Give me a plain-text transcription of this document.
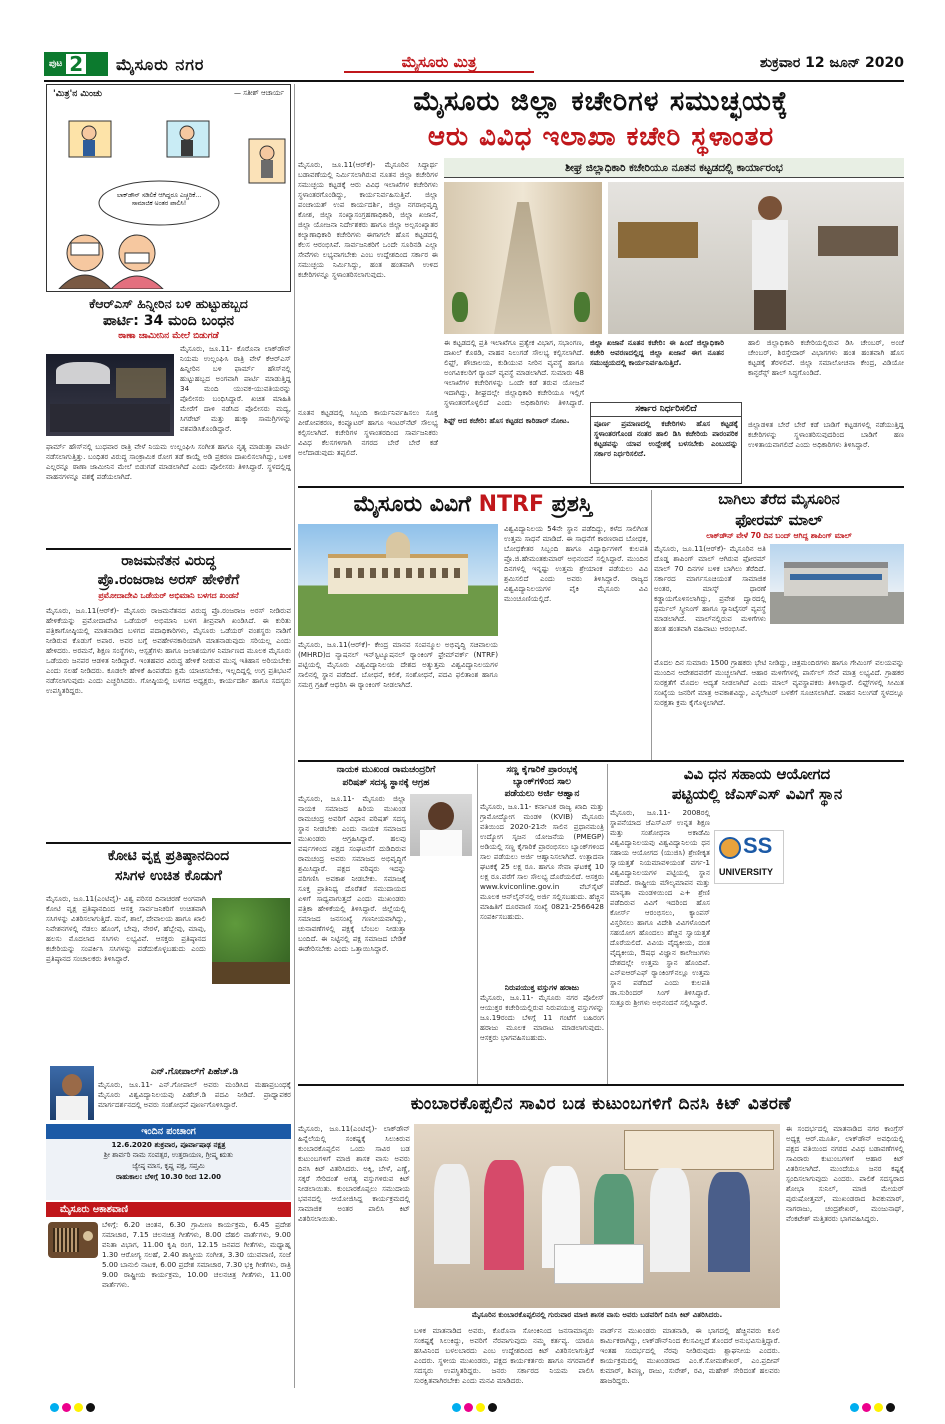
ಪುಟ 2 ಮೈಸೂರು ನಗರ	ಮೈಸೂರು ಮಿತ್ರ	ಶುಕ್ರವಾರ 12 ಜೂನ್ 2020
'ಮಿತ್ರ'ನ ಮಿಂಚು	— ಸತೀಶ್ ಆಚಾರ್ಯ
ಲಾಕ್‌ಡೌನ್ ಸಡಿಲಿಕೆ ಆಗಿದ್ದರೂ ಎಚ್ಚರಿಕೆ... ಸಾಮಾಜಿಕ ಅಂತರ ಪಾಲಿಸಿ!
ಕೆಆರ್‌ಎಸ್ ಹಿನ್ನೀರಿನ ಬಳಿ ಹುಟ್ಟುಹಬ್ಬದ
ಪಾರ್ಟಿ: 34 ಮಂದಿ ಬಂಧನ
ಠಾಣಾ ಜಾಮೀನಿನ ಮೇಲೆ ಬಿಡುಗಡೆ
ಮೈಸೂರು, ಜೂ.11- ಕೊರೊನಾ ಲಾಕ್‌ಡೌನ್ ನಿಯಮ ಉಲ್ಲಂಘಿಸಿ ರಾತ್ರಿ ವೇಳೆ ಕೆಆರ್‌ಎಸ್ ಹಿನ್ನೀರಿನ ಬಳಿ ಫಾರ್ಮ್ ಹೌಸ್‌ನಲ್ಲಿ ಹುಟ್ಟುಹಬ್ಬದ ಅಂಗವಾಗಿ ಪಾರ್ಟಿ ಮಾಡುತ್ತಿದ್ದ 34 ಮಂದಿ ಯುವಕ-ಯುವತಿಯರನ್ನು ಪೊಲೀಸರು ಬಂಧಿಸಿದ್ದಾರೆ. ಖಚಿತ ಮಾಹಿತಿ ಮೇರೆಗೆ ದಾಳಿ ನಡೆಸಿದ ಪೊಲೀಸರು ಮದ್ಯ, ಸಿಗರೇಟ್ ಮತ್ತು ಹುಕ್ಕಾ ಸಾಮಗ್ರಿಗಳನ್ನು ವಶಪಡಿಸಿಕೊಂಡಿದ್ದಾರೆ.
ಫಾರ್ಮ್ ಹೌಸ್‌ನಲ್ಲಿ ಬುಧವಾರ ರಾತ್ರಿ ವೇಳೆ ನಿಯಮ ಉಲ್ಲಂಘಿಸಿ ಸಂಗೀತ ಹಾಗೂ ನೃತ್ಯ ಮಾಡುತ್ತಾ ಪಾರ್ಟಿ ನಡೆಸಲಾಗುತ್ತಿತ್ತು. ಬಂಧಿತರ ವಿರುದ್ಧ ಸಾಂಕ್ರಾಮಿಕ ರೋಗ ತಡೆ ಕಾಯ್ದೆ ಅಡಿ ಪ್ರಕರಣ ದಾಖಲಿಸಲಾಗಿದ್ದು, ಬಳಿಕ ಎಲ್ಲರನ್ನೂ ಠಾಣಾ ಜಾಮೀನಿನ ಮೇಲೆ ಬಿಡುಗಡೆ ಮಾಡಲಾಗಿದೆ ಎಂದು ಪೊಲೀಸರು ತಿಳಿಸಿದ್ದಾರೆ. ಸ್ಥಳದಲ್ಲಿದ್ದ ವಾಹನಗಳನ್ನೂ ವಶಕ್ಕೆ ಪಡೆಯಲಾಗಿದೆ.
ರಾಜಮನೆತನ ವಿರುದ್ಧ
ಪ್ರೊ.ರಂಜರಾಜ ಅರಸ್ ಹೇಳಿಕೆಗೆ
ಪ್ರಮೋದಾದೇವಿ ಒಡೆಯರ್ ಅಭಿಮಾನಿ ಬಳಗದ ಖಂಡನೆ
ಮೈಸೂರು, ಜೂ.11(ಆರ್‌ಕೆ)- ಮೈಸೂರು ರಾಜಮನೆತನದ ವಿರುದ್ಧ ಪ್ರೊ.ರಂಜರಾಜ ಅರಸ್ ನೀಡಿರುವ ಹೇಳಿಕೆಯನ್ನು ಪ್ರಮೋದಾದೇವಿ ಒಡೆಯರ್ ಅಭಿಮಾನಿ ಬಳಗ ತೀವ್ರವಾಗಿ ಖಂಡಿಸಿದೆ. ಈ ಕುರಿತು ಪತ್ರಿಕಾಗೋಷ್ಠಿಯಲ್ಲಿ ಮಾತನಾಡಿದ ಬಳಗದ ಪದಾಧಿಕಾರಿಗಳು, ಮೈಸೂರು ಒಡೆಯರ್ ವಂಶಸ್ಥರು ನಾಡಿಗೆ ನೀಡಿರುವ ಕೊಡುಗೆ ಅಪಾರ. ಅವರ ಬಗ್ಗೆ ಅವಹೇಳನಕಾರಿಯಾಗಿ ಮಾತನಾಡುವುದು ಸರಿಯಲ್ಲ ಎಂದು ಹೇಳಿದರು. ಅರಮನೆ, ಶಿಕ್ಷಣ ಸಂಸ್ಥೆಗಳು, ಆಸ್ಪತ್ರೆಗಳು ಹಾಗೂ ಜಲಾಶಯಗಳ ನಿರ್ಮಾಣದ ಮೂಲಕ ಮೈಸೂರು ಒಡೆಯರು ಜನಪರ ಆಡಳಿತ ನೀಡಿದ್ದಾರೆ. ಇಂತಹವರ ವಿರುದ್ಧ ಹೇಳಿಕೆ ನೀಡುವ ಮುನ್ನ ಇತಿಹಾಸ ಅರಿಯಬೇಕು ಎಂದು ಸಲಹೆ ನೀಡಿದರು. ಕೂಡಲೇ ಹೇಳಿಕೆ ಹಿಂಪಡೆದು ಕ್ಷಮೆ ಯಾಚಿಸಬೇಕು, ಇಲ್ಲದಿದ್ದಲ್ಲಿ ಉಗ್ರ ಪ್ರತಿಭಟನೆ ನಡೆಸಲಾಗುವುದು ಎಂದು ಎಚ್ಚರಿಸಿದರು. ಗೋಷ್ಠಿಯಲ್ಲಿ ಬಳಗದ ಅಧ್ಯಕ್ಷರು, ಕಾರ್ಯದರ್ಶಿ ಹಾಗೂ ಸದಸ್ಯರು ಉಪಸ್ಥಿತರಿದ್ದರು.
ಕೋಟಿ ವೃಕ್ಷ ಪ್ರತಿಷ್ಠಾನದಿಂದ
ಸಸಿಗಳ ಉಚಿತ ಕೊಡುಗೆ
ಮೈಸೂರು, ಜೂ.11(ಎಂಟಿವೈ)- ವಿಶ್ವ ಪರಿಸರ ದಿನಾಚರಣೆ ಅಂಗವಾಗಿ ಕೋಟಿ ವೃಕ್ಷ ಪ್ರತಿಷ್ಠಾನದಿಂದ ಆಸಕ್ತ ಸಾರ್ವಜನಿಕರಿಗೆ ಉಚಿತವಾಗಿ ಸಸಿಗಳನ್ನು ವಿತರಿಸಲಾಗುತ್ತಿದೆ. ಮನೆ, ಶಾಲೆ, ದೇವಾಲಯ ಹಾಗೂ ಖಾಲಿ ನಿವೇಶನಗಳಲ್ಲಿ ನೆಡಲು ಹೊಂಗೆ, ಬೇವು, ನೇರಳೆ, ಹೆಬ್ಬೇವು, ಮಾವು, ಹಲಸು ಮೊದಲಾದ ಸಸಿಗಳು ಲಭ್ಯವಿವೆ. ಆಸಕ್ತರು ಪ್ರತಿಷ್ಠಾನದ ಕಚೇರಿಯನ್ನು ಸಂಪರ್ಕಿಸಿ ಸಸಿಗಳನ್ನು ಪಡೆದುಕೊಳ್ಳಬಹುದು ಎಂದು ಪ್ರತಿಷ್ಠಾನದ ಸಂಚಾಲಕರು ತಿಳಿಸಿದ್ದಾರೆ.
ಎನ್.ಗೋಪಾಲ್‌ಗೆ ಪಿಹೆಚ್.ಡಿ
ಮೈಸೂರು, ಜೂ.11- ಎನ್.ಗೋಪಾಲ್ ಅವರು ಮಂಡಿಸಿದ ಮಹಾಪ್ರಬಂಧಕ್ಕೆ ಮೈಸೂರು ವಿಶ್ವವಿದ್ಯಾನಿಲಯವು ಪಿಹೆಚ್.ಡಿ ಪದವಿ ನೀಡಿದೆ. ಪ್ರಾಧ್ಯಾಪಕರ ಮಾರ್ಗದರ್ಶನದಲ್ಲಿ ಅವರು ಸಂಶೋಧನೆ ಪೂರ್ಣಗೊಳಿಸಿದ್ದಾರೆ.
ಇಂದಿನ ಪಂಚಾಂಗ
12.6.2020 ಶುಕ್ರವಾರ, ಪೂರ್ವಾಷಾಢ ನಕ್ಷತ್ರ
ಶ್ರೀ ಶಾರ್ವರಿ ನಾಮ ಸಂವತ್ಸರ, ಉತ್ತರಾಯಣ, ಗ್ರೀಷ್ಮ ಋತು
ಜ್ಯೇಷ್ಠ ಮಾಸ, ಕೃಷ್ಣ ಪಕ್ಷ, ಸಪ್ತಮಿ
ರಾಹುಕಾಲ: ಬೆಳಿಗ್ಗೆ 10.30 ರಿಂದ 12.00
ಮೈಸೂರು ಆಕಾಶವಾಣಿ
ಬೆಳಿಗ್ಗೆ: 6.20 ಚಿಂತನ, 6.30 ಗ್ರಾಮೀಣ ಕಾರ್ಯಕ್ರಮ, 6.45 ಪ್ರದೇಶ ಸಮಾಚಾರ, 7.15 ಚಲನಚಿತ್ರ ಗೀತೆಗಳು, 8.00 ದೆಹಲಿ ವಾರ್ತೆಗಳು, 9.00 ವನಿತಾ ವಿಭಾಗ, 11.00 ಕೃಷಿ ರಂಗ, 12.15 ಜನಪದ ಗೀತೆಗಳು, ಮಧ್ಯಾಹ್ನ 1.30 ಆರೋಗ್ಯ ಸಲಹೆ, 2.40 ಶಾಸ್ತ್ರೀಯ ಸಂಗೀತ, 3.30 ಯುವವಾಣಿ, ಸಂಜೆ 5.00 ಬಾನುಲಿ ನಾಟಕ, 6.00 ಪ್ರದೇಶ ಸಮಾಚಾರ, 7.30 ಭಕ್ತಿ ಗೀತೆಗಳು, ರಾತ್ರಿ 9.00 ರಾಷ್ಟ್ರೀಯ ಕಾರ್ಯಕ್ರಮ, 10.00 ಚಲನಚಿತ್ರ ಗೀತೆಗಳು, 11.00 ವಾರ್ತೆಗಳು.
ಮೈಸೂರು ಜಿಲ್ಲಾ ಕಚೇರಿಗಳ ಸಮುಚ್ಛಯಕ್ಕೆ
ಆರು ವಿವಿಧ ಇಲಾಖಾ ಕಚೇರಿ ಸ್ಥಳಾಂತರ
ಮೈಸೂರು, ಜೂ.11(ಆರ್‌ಕೆ)- ಮೈಸೂರಿನ ಸಿದ್ಧಾರ್ಥ ಬಡಾವಣೆಯಲ್ಲಿ ನಿರ್ಮಿಸಲಾಗಿರುವ ನೂತನ ಜಿಲ್ಲಾ ಕಚೇರಿಗಳ ಸಮುಚ್ಛಯ ಕಟ್ಟಡಕ್ಕೆ ಆರು ವಿವಿಧ ಇಲಾಖೆಗಳ ಕಚೇರಿಗಳು ಸ್ಥಳಾಂತರಗೊಂಡಿದ್ದು, ಕಾರ್ಯನಿರ್ವಹಿಸುತ್ತಿವೆ. ಜಿಲ್ಲಾ ಪಂಚಾಯತ್ ಉಪ ಕಾರ್ಯದರ್ಶಿ, ಜಿಲ್ಲಾ ನಗರಾಭಿವೃದ್ಧಿ ಕೋಶ, ಜಿಲ್ಲಾ ಸಂಖ್ಯಾಸಂಗ್ರಹಣಾಧಿಕಾರಿ, ಜಿಲ್ಲಾ ಖಜಾನೆ, ಜಿಲ್ಲಾ ಯೋಜನಾ ನಿರ್ದೇಶಕರು ಹಾಗೂ ಜಿಲ್ಲಾ ಅಲ್ಪಸಂಖ್ಯಾತರ ಕಲ್ಯಾಣಾಧಿಕಾರಿ ಕಚೇರಿಗಳು ಈಗಾಗಲೇ ಹೊಸ ಕಟ್ಟಡದಲ್ಲಿ ಕೆಲಸ ಆರಂಭಿಸಿವೆ. ಸಾರ್ವಜನಿಕರಿಗೆ ಒಂದೇ ಸೂರಿನಡಿ ಎಲ್ಲಾ ಸೇವೆಗಳು ಲಭ್ಯವಾಗಬೇಕು ಎಂಬ ಉದ್ದೇಶದಿಂದ ಸರ್ಕಾರ ಈ ಸಮುಚ್ಛಯ ನಿರ್ಮಿಸಿದ್ದು, ಹಂತ ಹಂತವಾಗಿ ಉಳಿದ ಕಚೇರಿಗಳನ್ನೂ ಸ್ಥಳಾಂತರಿಸಲಾಗುವುದು.
ಶೀಘ್ರ ಜಿಲ್ಲಾಧಿಕಾರಿ ಕಚೇರಿಯೂ ನೂತನ ಕಟ್ಟಡದಲ್ಲಿ ಕಾರ್ಯಾರಂಭ
ಈ ಕಟ್ಟಡದಲ್ಲಿ ಪ್ರತಿ ಇಲಾಖೆಗೂ ಪ್ರತ್ಯೇಕ ವಿಭಾಗ, ಸಭಾಂಗಣ, ದಾಖಲೆ ಕೊಠಡಿ, ವಾಹನ ನಿಲುಗಡೆ ಸೌಲಭ್ಯ ಕಲ್ಪಿಸಲಾಗಿದೆ. ಲಿಫ್ಟ್, ಶೌಚಾಲಯ, ಕುಡಿಯುವ ನೀರಿನ ವ್ಯವಸ್ಥೆ ಹಾಗೂ ಅಂಗವಿಕಲರಿಗೆ ರ್‍ಯಾಂಪ್ ವ್ಯವಸ್ಥೆ ಮಾಡಲಾಗಿದೆ. ಸುಮಾರು 48 ಇಲಾಖೆಗಳ ಕಚೇರಿಗಳನ್ನು ಒಂದೇ ಕಡೆ ತರುವ ಯೋಜನೆ ಇದಾಗಿದ್ದು, ಶೀಘ್ರದಲ್ಲೇ ಜಿಲ್ಲಾಧಿಕಾರಿ ಕಚೇರಿಯೂ ಇಲ್ಲಿಗೆ ಸ್ಥಳಾಂತರಗೊಳ್ಳಲಿದೆ ಎಂದು ಅಧಿಕಾರಿಗಳು ತಿಳಿಸಿದ್ದಾರೆ.
ಜಿಲ್ಲಾ ಖಜಾನೆ ನೂತನ ಕಚೇರಿ: ಈ ಹಿಂದೆ ಜಿಲ್ಲಾಧಿಕಾರಿ ಕಚೇರಿ ಆವರಣದಲ್ಲಿದ್ದ ಜಿಲ್ಲಾ ಖಜಾನೆ ಈಗ ನೂತನ ಸಮುಚ್ಛಯದಲ್ಲಿ ಕಾರ್ಯನಿರ್ವಹಿಸುತ್ತಿದೆ.
ನೂತನ ಕಟ್ಟಡದಲ್ಲಿ ಸಿಬ್ಬಂದಿ ಕಾರ್ಯನಿರ್ವಹಿಸಲು ಸೂಕ್ತ ಪೀಠೋಪಕರಣ, ಕಂಪ್ಯೂಟರ್ ಹಾಗೂ ಇಂಟರ್‌ನೆಟ್ ಸೌಲಭ್ಯ ಕಲ್ಪಿಸಲಾಗಿದೆ. ಕಚೇರಿಗಳ ಸ್ಥಳಾಂತರದಿಂದ ಸಾರ್ವಜನಿಕರು ವಿವಿಧ ಕೆಲಸಗಳಿಗಾಗಿ ನಗರದ ಬೇರೆ ಬೇರೆ ಕಡೆ ಅಲೆದಾಡುವುದು ತಪ್ಪಲಿದೆ.
ಶಿಫ್ಟ್ ಆದ ಕಚೇರಿ: ಹೊಸ ಕಟ್ಟಡದ ಕಾರಿಡಾರ್ ನೋಟ.
ಸರ್ಕಾರ ನಿರ್ಧರಿಸಲಿದೆ
ಪೂರ್ಣ ಪ್ರಮಾಣದಲ್ಲಿ ಕಚೇರಿಗಳು ಹೊಸ ಕಟ್ಟಡಕ್ಕೆ ಸ್ಥಳಾಂತರಗೊಂಡ ನಂತರ ಹಾಲಿ ಡಿಸಿ ಕಚೇರಿಯ ಪಾರಂಪರಿಕ ಕಟ್ಟಡವನ್ನು ಯಾವ ಉದ್ದೇಶಕ್ಕೆ ಬಳಸಬೇಕು ಎಂಬುದನ್ನು ಸರ್ಕಾರ ನಿರ್ಧರಿಸಲಿದೆ.
ಹಾಲಿ ಜಿಲ್ಲಾಧಿಕಾರಿ ಕಚೇರಿಯಲ್ಲಿರುವ ಡಿಸಿ ಚೇಂಬರ್, ಅಂಚೆ ಚೇಂಬರ್, ಶಿರಸ್ತೇದಾರ್ ವಿಭಾಗಗಳು ಹಂತ ಹಂತವಾಗಿ ಹೊಸ ಕಟ್ಟಡಕ್ಕೆ ತೆರಳಲಿವೆ. ಜಿಲ್ಲಾ ಸಮಾಲೋಚನಾ ಕೇಂದ್ರ, ವಿಡಿಯೋ ಕಾನ್ಫರೆನ್ಸ್ ಹಾಲ್ ಸಿದ್ಧಗೊಂಡಿದೆ.
ಜಿಲ್ಲಾಡಳಿತ ಬೇರೆ ಬೇರೆ ಕಡೆ ಬಾಡಿಗೆ ಕಟ್ಟಡಗಳಲ್ಲಿ ನಡೆಯುತ್ತಿದ್ದ ಕಚೇರಿಗಳನ್ನು ಸ್ಥಳಾಂತರಿಸುವುದರಿಂದ ಬಾಡಿಗೆ ಹಣ ಉಳಿತಾಯವಾಗಲಿದೆ ಎಂದು ಅಧಿಕಾರಿಗಳು ತಿಳಿಸಿದ್ದಾರೆ.
ಮೈಸೂರು ವಿವಿಗೆ NTRF ಪ್ರಶಸ್ತಿ
ಮೈಸೂರು, ಜೂ.11(ಆರ್‌ಕೆ)- ಕೇಂದ್ರ ಮಾನವ ಸಂಪನ್ಮೂಲ ಅಭಿವೃದ್ಧಿ ಸಚಿವಾಲಯ (MHRD)ದ ನ್ಯಾಷನಲ್ ಇನ್‌ಸ್ಟಿಟ್ಯೂಷನಲ್ ರ್‍ಯಾಂಕಿಂಗ್ ಫ್ರೇಮ್‌ವರ್ಕ್ (NTRF) ಪಟ್ಟಿಯಲ್ಲಿ ಮೈಸೂರು ವಿಶ್ವವಿದ್ಯಾನಿಲಯ ದೇಶದ ಅತ್ಯುತ್ತಮ ವಿಶ್ವವಿದ್ಯಾನಿಲಯಗಳ ಸಾಲಿನಲ್ಲಿ ಸ್ಥಾನ ಪಡೆದಿದೆ. ಬೋಧನೆ, ಕಲಿಕೆ, ಸಂಶೋಧನೆ, ಪದವಿ ಫಲಿತಾಂಶ ಹಾಗೂ ಸಮಗ್ರ ಗ್ರಹಿಕೆ ಆಧರಿಸಿ ಈ ರ್‍ಯಾಂಕಿಂಗ್ ನೀಡಲಾಗಿದೆ.
ವಿಶ್ವವಿದ್ಯಾನಿಲಯ 54ನೇ ಸ್ಥಾನ ಪಡೆದಿದ್ದು, ಕಳೆದ ಸಾಲಿಗಿಂತ ಉತ್ತಮ ಸಾಧನೆ ಮಾಡಿದೆ. ಈ ಸಾಧನೆಗೆ ಕಾರಣರಾದ ಬೋಧಕ, ಬೋಧಕೇತರ ಸಿಬ್ಬಂದಿ ಹಾಗೂ ವಿದ್ಯಾರ್ಥಿಗಳಿಗೆ ಕುಲಪತಿ ಪ್ರೊ.ಜಿ.ಹೇಮಂತಕುಮಾರ್ ಅಭಿನಂದನೆ ಸಲ್ಲಿಸಿದ್ದಾರೆ. ಮುಂದಿನ ದಿನಗಳಲ್ಲಿ ಇನ್ನಷ್ಟು ಉತ್ತಮ ಶ್ರೇಯಾಂಕ ಪಡೆಯಲು ವಿವಿ ಶ್ರಮಿಸಲಿದೆ ಎಂದು ಅವರು ತಿಳಿಸಿದ್ದಾರೆ. ರಾಜ್ಯದ ವಿಶ್ವವಿದ್ಯಾನಿಲಯಗಳ ಪೈಕಿ ಮೈಸೂರು ವಿವಿ ಮುಂಚೂಣಿಯಲ್ಲಿದೆ.
ಬಾಗಿಲು ತೆರೆದ ಮೈಸೂರಿನ
ಫೋರಮ್ ಮಾಲ್
ಲಾಕ್‌ಡೌನ್ ವೇಳೆ 70 ದಿನ ಬಂದ್ ಆಗಿದ್ದ ಶಾಪಿಂಗ್ ಮಾಲ್
ಮೈಸೂರು, ಜೂ.11(ಆರ್‌ಕೆ)- ಮೈಸೂರಿನ ಅತಿ ದೊಡ್ಡ ಶಾಪಿಂಗ್ ಮಾಲ್ ಆಗಿರುವ ಫೋರಮ್ ಮಾಲ್ 70 ದಿನಗಳ ಬಳಿಕ ಬಾಗಿಲು ತೆರೆದಿದೆ. ಸರ್ಕಾರದ ಮಾರ್ಗಸೂಚಿಯಂತೆ ಸಾಮಾಜಿಕ ಅಂತರ, ಮಾಸ್ಕ್ ಧಾರಣೆ ಕಡ್ಡಾಯಗೊಳಿಸಲಾಗಿದ್ದು, ಪ್ರವೇಶ ದ್ವಾರದಲ್ಲಿ ಥರ್ಮಲ್ ಸ್ಕ್ರೀನಿಂಗ್ ಹಾಗೂ ಸ್ಯಾನಿಟೈಸರ್ ವ್ಯವಸ್ಥೆ ಮಾಡಲಾಗಿದೆ. ಮಾಲ್‌ನಲ್ಲಿರುವ ಮಳಿಗೆಗಳು ಹಂತ ಹಂತವಾಗಿ ವಹಿವಾಟು ಆರಂಭಿಸಿವೆ.
ಮೊದಲ ದಿನ ಸುಮಾರು 1500 ಗ್ರಾಹಕರು ಭೇಟಿ ನೀಡಿದ್ದು, ಚಿತ್ರಮಂದಿರಗಳು ಹಾಗೂ ಗೇಮಿಂಗ್ ವಲಯವನ್ನು ಮುಂದಿನ ಆದೇಶದವರೆಗೆ ಮುಚ್ಚಲಾಗಿದೆ. ಆಹಾರ ಮಳಿಗೆಗಳಲ್ಲಿ ಪಾರ್ಸೆಲ್ ಸೇವೆ ಮಾತ್ರ ಲಭ್ಯವಿದೆ. ಗ್ರಾಹಕರ ಸುರಕ್ಷತೆಗೆ ಮೊದಲ ಆದ್ಯತೆ ನೀಡಲಾಗಿದೆ ಎಂದು ಮಾಲ್ ವ್ಯವಸ್ಥಾಪಕರು ತಿಳಿಸಿದ್ದಾರೆ. ಲಿಫ್ಟ್‌ಗಳಲ್ಲಿ ಸೀಮಿತ ಸಂಖ್ಯೆಯ ಜನರಿಗೆ ಮಾತ್ರ ಅವಕಾಶವಿದ್ದು, ಎಸ್ಕಲೇಟರ್ ಬಳಕೆಗೆ ಸೂಚಿಸಲಾಗಿದೆ. ವಾಹನ ನಿಲುಗಡೆ ಸ್ಥಳದಲ್ಲೂ ಸುರಕ್ಷತಾ ಕ್ರಮ ಕೈಗೊಳ್ಳಲಾಗಿದೆ.
ನಾಯಕ ಮುಖಂಡ ರಾಮಚಂದ್ರರಿಗೆ
ಪರಿಷತ್ ಸದಸ್ಯ ಸ್ಥಾನಕ್ಕೆ ಆಗ್ರಹ
ಮೈಸೂರು, ಜೂ.11- ಮೈಸೂರು ಜಿಲ್ಲಾ ನಾಯಕ ಸಮಾಜದ ಹಿರಿಯ ಮುಖಂಡ ರಾಮಚಂದ್ರ ಅವರಿಗೆ ವಿಧಾನ ಪರಿಷತ್ ಸದಸ್ಯ ಸ್ಥಾನ ನೀಡಬೇಕು ಎಂದು ನಾಯಕ ಸಮಾಜದ ಮುಖಂಡರು ಆಗ್ರಹಿಸಿದ್ದಾರೆ. ಹಲವು ವರ್ಷಗಳಿಂದ ಪಕ್ಷದ ಸಂಘಟನೆಗೆ ದುಡಿದಿರುವ ರಾಮಚಂದ್ರ ಅವರು ಸಮಾಜದ ಅಭಿವೃದ್ಧಿಗೆ ಶ್ರಮಿಸಿದ್ದಾರೆ. ಪಕ್ಷದ ವರಿಷ್ಠರು ಇದನ್ನು ಪರಿಗಣಿಸಿ ಅವಕಾಶ ನೀಡಬೇಕು. ಸಮಾಜಕ್ಕೆ ಸೂಕ್ತ ಪ್ರಾತಿನಿಧ್ಯ ದೊರೆತರೆ ಸಮುದಾಯದ ಏಳಿಗೆ ಸಾಧ್ಯವಾಗುತ್ತದೆ ಎಂದು ಮುಖಂಡರು ಪತ್ರಿಕಾ ಹೇಳಿಕೆಯಲ್ಲಿ ತಿಳಿಸಿದ್ದಾರೆ. ಜಿಲ್ಲೆಯಲ್ಲಿ ಸಮಾಜದ ಜನಸಂಖ್ಯೆ ಗಣನೀಯವಾಗಿದ್ದು, ಚುನಾವಣೆಗಳಲ್ಲಿ ಪಕ್ಷಕ್ಕೆ ಬೆಂಬಲ ನೀಡುತ್ತಾ ಬಂದಿದೆ. ಈ ನಿಟ್ಟಿನಲ್ಲಿ ಪಕ್ಷ ಸಮಾಜದ ಬೇಡಿಕೆ ಈಡೇರಿಸಬೇಕು ಎಂದು ಒತ್ತಾಯಿಸಿದ್ದಾರೆ.
ಸಣ್ಣ ಕೈಗಾರಿಕೆ ಪ್ರಾರಂಭಕ್ಕೆ
ಬ್ಯಾಂಕ್‌ಗಳಿಂದ ಸಾಲ
ಪಡೆಯಲು ಅರ್ಜಿ ಆಹ್ವಾನ
ಮೈಸೂರು, ಜೂ.11- ಕರ್ನಾಟಕ ರಾಜ್ಯ ಖಾದಿ ಮತ್ತು ಗ್ರಾಮೋದ್ಯೋಗ ಮಂಡಳಿ (KVIB) ಮೈಸೂರು ವತಿಯಿಂದ 2020-21ನೇ ಸಾಲಿನ ಪ್ರಧಾನಮಂತ್ರಿ ಉದ್ಯೋಗ ಸೃಜನ ಯೋಜನೆಯ (PMEGP) ಅಡಿಯಲ್ಲಿ ಸಣ್ಣ ಕೈಗಾರಿಕೆ ಪ್ರಾರಂಭಿಸಲು ಬ್ಯಾಂಕ್‌ಗಳಿಂದ ಸಾಲ ಪಡೆಯಲು ಅರ್ಜಿ ಆಹ್ವಾನಿಸಲಾಗಿದೆ. ಉತ್ಪಾದನಾ ಘಟಕಕ್ಕೆ 25 ಲಕ್ಷ ರೂ. ಹಾಗೂ ಸೇವಾ ಘಟಕಕ್ಕೆ 10 ಲಕ್ಷ ರೂ.ವರೆಗೆ ಸಾಲ ಸೌಲಭ್ಯ ದೊರೆಯಲಿದೆ. ಆಸಕ್ತರು www.kviconline.gov.in ವೆಬ್‌ಸೈಟ್ ಮೂಲಕ ಆನ್‌ಲೈನ್‌ನಲ್ಲಿ ಅರ್ಜಿ ಸಲ್ಲಿಸಬಹುದು. ಹೆಚ್ಚಿನ ಮಾಹಿತಿಗೆ ದೂರವಾಣಿ ಸಂಖ್ಯೆ 0821-2566428 ಸಂಪರ್ಕಿಸಬಹುದು.
ನಿರುಪಯುಕ್ತ ವಸ್ತುಗಳ ಹರಾಜು
ಮೈಸೂರು, ಜೂ.11- ಮೈಸೂರು ನಗರ ಪೊಲೀಸ್ ಆಯುಕ್ತರ ಕಚೇರಿಯಲ್ಲಿರುವ ನಿರುಪಯುಕ್ತ ವಸ್ತುಗಳನ್ನು ಜೂ.19ರಂದು ಬೆಳಿಗ್ಗೆ 11 ಗಂಟೆಗೆ ಬಹಿರಂಗ ಹರಾಜು ಮೂಲಕ ಮಾರಾಟ ಮಾಡಲಾಗುವುದು. ಆಸಕ್ತರು ಭಾಗವಹಿಸಬಹುದು.
ವಿವಿ ಧನ ಸಹಾಯ ಆಯೋಗದ
ಪಟ್ಟಿಯಲ್ಲಿ ಜೆಎಸ್‌ಎಸ್ ವಿವಿಗೆ ಸ್ಥಾನ
SS
UNIVERSITY
ಮೈಸೂರು, ಜೂ.11- 2008ರಲ್ಲಿ ಸ್ಥಾಪನೆಯಾದ ಜೆಎಸ್‌ಎಸ್ ಉನ್ನತ ಶಿಕ್ಷಣ ಮತ್ತು ಸಂಶೋಧನಾ ಅಕಾಡೆಮಿ ವಿಶ್ವವಿದ್ಯಾನಿಲಯವು ವಿಶ್ವವಿದ್ಯಾನಿಲಯ ಧನ ಸಹಾಯ ಆಯೋಗದ (ಯುಜಿಸಿ) ಶ್ರೇಣೀಕೃತ ಸ್ವಾಯತ್ತತೆ ನಿಯಮಾವಳಿಯಂತೆ ವರ್ಗ-1 ವಿಶ್ವವಿದ್ಯಾನಿಲಯಗಳ ಪಟ್ಟಿಯಲ್ಲಿ ಸ್ಥಾನ ಪಡೆದಿದೆ. ರಾಷ್ಟ್ರೀಯ ಮೌಲ್ಯಮಾಪನ ಮತ್ತು ಮಾನ್ಯತಾ ಮಂಡಳಿಯಿಂದ ಎ+ ಶ್ರೇಣಿ ಪಡೆದಿರುವ ವಿವಿಗೆ ಇದರಿಂದ ಹೊಸ ಕೋರ್ಸ್ ಆರಂಭಿಸಲು, ಕ್ಯಾಂಪಸ್ ವಿಸ್ತರಿಸಲು ಹಾಗೂ ವಿದೇಶಿ ವಿವಿಗಳೊಂದಿಗೆ ಸಹಯೋಗ ಹೊಂದಲು ಹೆಚ್ಚಿನ ಸ್ವಾಯತ್ತತೆ ದೊರೆಯಲಿದೆ. ವಿವಿಯ ವೈದ್ಯಕೀಯ, ದಂತ ವೈದ್ಯಕೀಯ, ಔಷಧ ವಿಜ್ಞಾನ ಕಾಲೇಜುಗಳು ದೇಶದಲ್ಲೇ ಉತ್ತಮ ಸ್ಥಾನ ಹೊಂದಿವೆ. ಎನ್‌ಐಆರ್‌ಎಫ್ ರ್‍ಯಾಂಕಿಂಗ್‌ನಲ್ಲೂ ಉತ್ತಮ ಸ್ಥಾನ ಪಡೆದಿದೆ ಎಂದು ಕುಲಪತಿ ಡಾ.ಸುರಿಂದರ್ ಸಿಂಗ್ ತಿಳಿಸಿದ್ದಾರೆ. ಸುತ್ತೂರು ಶ್ರೀಗಳು ಅಭಿನಂದನೆ ಸಲ್ಲಿಸಿದ್ದಾರೆ.
ಕುಂಬಾರಕೊಪ್ಪಲಿನ ಸಾವಿರ ಬಡ ಕುಟುಂಬಗಳಿಗೆ ದಿನಸಿ ಕಿಟ್ ವಿತರಣೆ
ಮೈಸೂರು, ಜೂ.11(ಎಂಟಿವೈ)- ಲಾಕ್‌ಡೌನ್ ಹಿನ್ನೆಲೆಯಲ್ಲಿ ಸಂಕಷ್ಟಕ್ಕೆ ಸಿಲುಕಿರುವ ಕುಂಬಾರಕೊಪ್ಪಲಿನ ಒಂದು ಸಾವಿರ ಬಡ ಕುಟುಂಬಗಳಿಗೆ ಮಾಜಿ ಶಾಸಕ ವಾಸು ಅವರು ದಿನಸಿ ಕಿಟ್ ವಿತರಿಸಿದರು. ಅಕ್ಕಿ, ಬೇಳೆ, ಎಣ್ಣೆ, ಸಕ್ಕರೆ ಸೇರಿದಂತೆ ಅಗತ್ಯ ವಸ್ತುಗಳಿರುವ ಕಿಟ್ ನೀಡಲಾಯಿತು. ಕುಂಬಾರಕೊಪ್ಪಲು ಸಮುದಾಯ ಭವನದಲ್ಲಿ ಆಯೋಜಿಸಿದ್ದ ಕಾರ್ಯಕ್ರಮದಲ್ಲಿ ಸಾಮಾಜಿಕ ಅಂತರ ಪಾಲಿಸಿ ಕಿಟ್ ವಿತರಿಸಲಾಯಿತು.
ಮೈಸೂರಿನ ಕುಂಬಾರಕೊಪ್ಪಲಿನಲ್ಲಿ ಗುರುವಾರ ಮಾಜಿ ಶಾಸಕ ವಾಸು ಅವರು ಬಡವರಿಗೆ ದಿನಸಿ ಕಿಟ್ ವಿತರಿಸಿದರು.
ಬಳಿಕ ಮಾತನಾಡಿದ ಅವರು, ಕೊರೊನಾ ಸೋಂಕಿನಿಂದ ಜನಸಾಮಾನ್ಯರು ಸಂಕಷ್ಟಕ್ಕೆ ಸಿಲುಕಿದ್ದು, ಅವರಿಗೆ ನೆರವಾಗುವುದು ನಮ್ಮ ಕರ್ತವ್ಯ. ಯಾರೂ ಹಸಿವಿನಿಂದ ಬಳಲಬಾರದು ಎಂಬ ಉದ್ದೇಶದಿಂದ ಕಿಟ್ ವಿತರಿಸಲಾಗುತ್ತಿದೆ ಎಂದರು. ಸ್ಥಳೀಯ ಮುಖಂಡರು, ಪಕ್ಷದ ಕಾರ್ಯಕರ್ತರು ಹಾಗೂ ನಗರಪಾಲಿಕೆ ಸದಸ್ಯರು ಉಪಸ್ಥಿತರಿದ್ದರು. ಜನರು ಸರ್ಕಾರದ ನಿಯಮ ಪಾಲಿಸಿ ಸುರಕ್ಷಿತವಾಗಿರಬೇಕು ಎಂದು ಮನವಿ ಮಾಡಿದರು.
ವಾರ್ಡ್‌ನ ಮುಖಂಡರು ಮಾತನಾಡಿ, ಈ ಭಾಗದಲ್ಲಿ ಹೆಚ್ಚಿನವರು ಕೂಲಿ ಕಾರ್ಮಿಕರಾಗಿದ್ದು, ಲಾಕ್‌ಡೌನ್‌ನಿಂದ ಕೆಲಸವಿಲ್ಲದೆ ತೊಂದರೆ ಅನುಭವಿಸುತ್ತಿದ್ದಾರೆ. ಇಂತಹ ಸಂದರ್ಭದಲ್ಲಿ ನೆರವು ನೀಡಿರುವುದು ಶ್ಲಾಘನೀಯ ಎಂದರು. ಕಾರ್ಯಕ್ರಮದಲ್ಲಿ ಮುಖಂಡರಾದ ಎಂ.ಕೆ.ಸೋಮಶೇಖರ್, ಎಂ.ಪ್ರದೀಪ್ ಕುಮಾರ್, ಶಿವಣ್ಣ, ರಾಜು, ಸುರೇಶ್, ರವಿ, ಮಹೇಶ್ ಸೇರಿದಂತೆ ಹಲವರು ಹಾಜರಿದ್ದರು.
ಈ ಸಂದರ್ಭದಲ್ಲಿ ಮಾತನಾಡಿದ ನಗರ ಕಾಂಗ್ರೆಸ್ ಅಧ್ಯಕ್ಷ ಆರ್.ಮೂರ್ತಿ, ಲಾಕ್‌ಡೌನ್ ಅವಧಿಯಲ್ಲಿ ಪಕ್ಷದ ವತಿಯಿಂದ ನಗರದ ವಿವಿಧ ಬಡಾವಣೆಗಳಲ್ಲಿ ಸಾವಿರಾರು ಕುಟುಂಬಗಳಿಗೆ ಆಹಾರ ಕಿಟ್ ವಿತರಿಸಲಾಗಿದೆ. ಮುಂದೆಯೂ ಜನರ ಕಷ್ಟಕ್ಕೆ ಸ್ಪಂದಿಸಲಾಗುವುದು ಎಂದರು. ಪಾಲಿಕೆ ಸದಸ್ಯರಾದ ಶೋಭಾ ಸುನಿಲ್, ಮಾಜಿ ಮೇಯರ್ ಪುರುಷೋತ್ತಮ್, ಮುಖಂಡರಾದ ಶಿವಕುಮಾರ್, ನಾಗರಾಜು, ಚಂದ್ರಶೇಖರ್, ಮಂಜುನಾಥ್, ವೆಂಕಟೇಶ್ ಮತ್ತಿತರರು ಭಾಗವಹಿಸಿದ್ದರು.
